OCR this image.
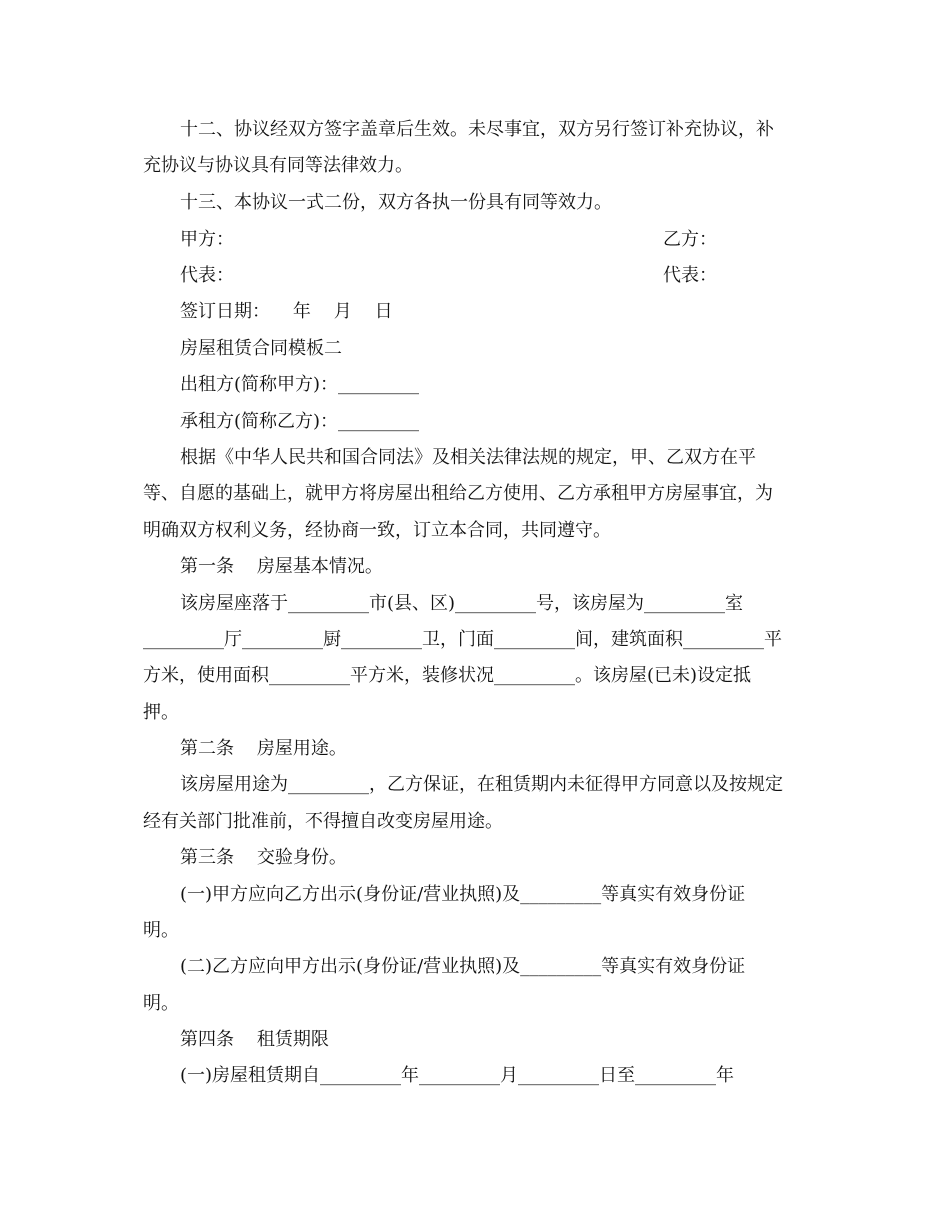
十二、协议经双方签字盖章后生效。未尽事宜，双方另行签订补充协议，补
充协议与协议具有同等法律效力。
十三、本协议一式二份，双方各执一份具有同等效力。
甲方：	乙方：
代表：	代表：
签订日期：    年    月    日
房屋租赁合同模板二
出租方(简称甲方)：_________
承租方(简称乙方)：_________
根据《中华人民共和国合同法》及相关法律法规的规定，甲、乙双方在平
等、自愿的基础上，就甲方将房屋出租给乙方使用、乙方承租甲方房屋事宜，为
明确双方权利义务，经协商一致，订立本合同，共同遵守。
第一条    房屋基本情况。
该房屋座落于_________市(县、区)_________号，该房屋为_________室
_________厅_________厨_________卫，门面_________间，建筑面积_________平
方米，使用面积_________平方米，装修状况_________。该房屋(已未)设定抵
押。
第二条    房屋用途。
该房屋用途为_________，乙方保证，在租赁期内未征得甲方同意以及按规定
经有关部门批准前，不得擅自改变房屋用途。
第三条    交验身份。
(一)甲方应向乙方出示(身份证/营业执照)及_________等真实有效身份证
明。
(二)乙方应向甲方出示(身份证/营业执照)及_________等真实有效身份证
明。
第四条    租赁期限
(一)房屋租赁期自_________年_________月_________日至_________年
